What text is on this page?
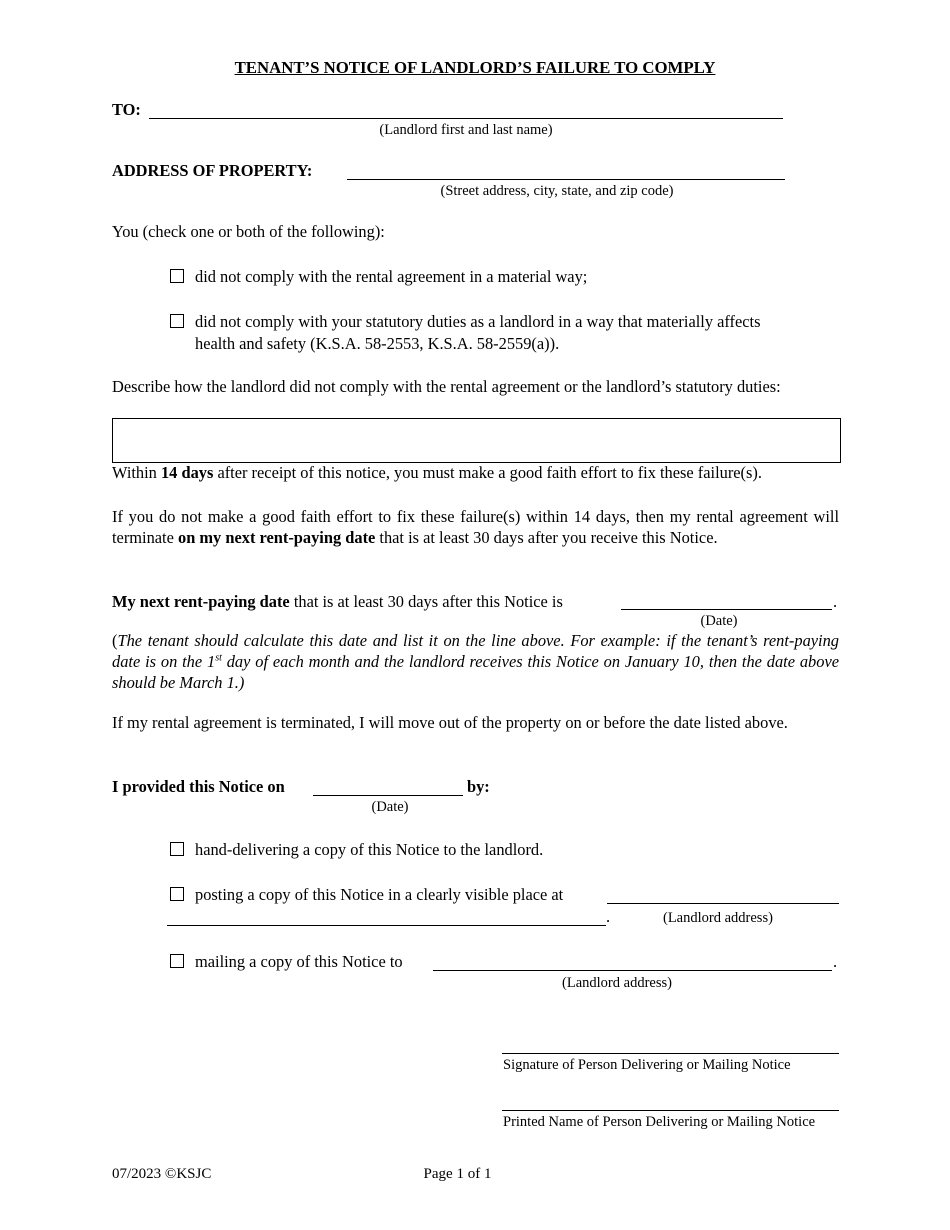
TENANT’S NOTICE OF LANDLORD’S FAILURE TO COMPLY
TO:
(Landlord first and last name)
ADDRESS OF PROPERTY:
(Street address, city, state, and zip code)
You (check one or both of the following):
did not comply with the rental agreement in a material way;
did not comply with your statutory duties as a landlord in a way that materially affects
health and safety (K.S.A. 58-2553, K.S.A. 58-2559(a)).
Describe how the landlord did not comply with the rental agreement or the landlord’s statutory duties:
Within 14 days after receipt of this notice, you must make a good faith effort to fix these failure(s).
If you do not make a good faith effort to fix these failure(s) within 14 days, then my rental agreement will terminate on my next rent-paying date that is at least 30 days after you receive this Notice.
My next rent-paying date that is at least 30 days after this Notice is	.
(Date)
(The tenant should calculate this date and list it on the line above. For example: if the tenant’s rent-paying date is on the 1st day of each month and the landlord receives this Notice on January 10, then the date above should be March 1.)
If my rental agreement is terminated, I will move out of the property on or before the date listed above.
I provided this Notice on	by:
(Date)
hand-delivering a copy of this Notice to the landlord.
posting a copy of this Notice in a clearly visible place at
.	(Landlord address)
mailing a copy of this Notice to	.
(Landlord address)
Signature of Person Delivering or Mailing Notice
Printed Name of Person Delivering or Mailing Notice
07/2023 ©KSJC	Page 1 of 1
